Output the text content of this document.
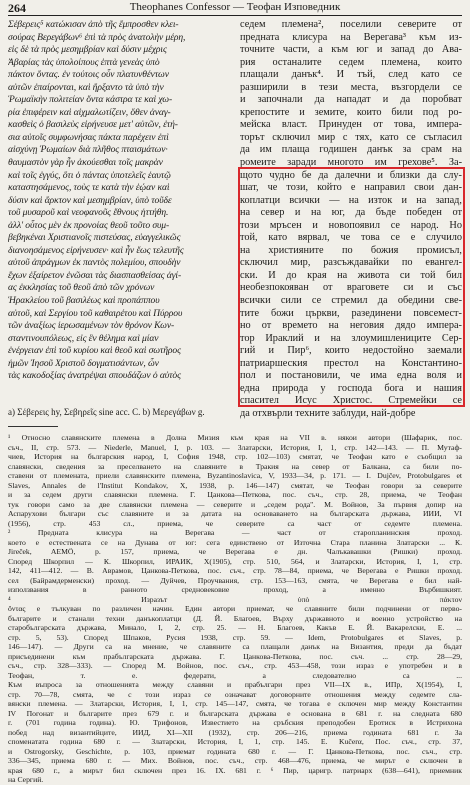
264	Theophanes Confessor — Теофан Изповедник
Σέβερεις⁵ κατώκισαν ἀπὸ τῆς ἔμπροσθεν κλει-
σούρας Βερεγάβων⁶ ἐπὶ τὰ πρὸς ἀνατολὴν μέρη,
εἰς δὲ τὰ πρὸς μεσημβρίαν καὶ δύσιν μέχρις
Ἀβαρίας τὰς ὑπολοίπους ἑπτὰ γενεὰς ὑπὸ
πάκτον ὄντας. ἐν τούτοις οὖν πλατυνθέντων
αὐτῶν ἐπαίρονται, καὶ ἤρξαντο τὰ ὑπὸ τὴν
Ῥωμαϊκὴν πολιτείαν ὄντα κάστρα τε καὶ χω-
ρία ἐπιφέρειν καὶ αἰχμαλωτίζειν, ὅθεν ἀναγ-
κασθεὶς ὁ βασιλεὺς εἰρήνευσε μετ' αὐτῶν, ἐτή-
σια αὐτοῖς συμφωνήσας πάκτα παρέχειν ἐπὶ
αἰσχύνῃ Ῥωμαίων διὰ πλῆθος πταισμάτων·
θαυμαστὸν γὰρ ἦν ἀκούεσθαι τοῖς μακρὰν
καὶ τοῖς ἐγγύς, ὅτι ὁ πάντας ὑποτελεῖς ἑαυτῷ
καταστησάμενος, τοὺς τε κατὰ τὴν ἑῴαν καὶ
δύσιν καὶ ἄρκτον καὶ μεσημβρίαν, ὑπὸ τοῦδε
τοῦ μυσαροῦ καὶ νεοφανοῦς ἔθνους ἡττήθη.
ἀλλ' οὗτος μὲν ἐκ προνοίας θεοῦ τοῦτο συμ-
βεβηκέναι Χριστιανοῖς πιστεύσας, εὐαγγελικῶς
διανοησάμενος εἰρήνευσεν· καὶ ἦν ἕως τελευτῆς
αὐτοῦ ἀπράγμων ἐκ παντὸς πολεμίου, σπουδὴν
ἔχων ἐξαίρετον ἐνῶσαι τὰς διασπασθείσας ἁγί-
ας ἐκκλησίας τοῦ θεοῦ ἀπὸ τῶν χρόνων
Ἡρακλείου τοῦ βασιλέως καὶ προπάππου
αὐτοῦ, καὶ Σεργίου τοῦ καθαιρέτου καὶ Πύρρου
τῶν ἀναξίως ἱερωσαμένων τὸν θρόνον Κων-
σταντινουπόλεως, εἰς ἓν θέλημα καὶ μίαν
ἐνέργειαν ἐπὶ τοῦ κυρίου καὶ θεοῦ καὶ σωτῆρος
ἡμῶν Ἰησοῦ Χριστοῦ δογματισάντων, ὧν
τὰς κακοδοξίας ἀνατρέψαι σπουδάζων ὁ αὐτὸς
седем племена², поселили северите от
предната клисура на Верегава³ към из-
точните части, а към юг и запад до Ава-
рия останалите седем племена, които
плащали данък⁴. И тъй, след като се
разширили в тези места, възгордели се
и започнали да нападат и да поробват
крепостите и земите, които били под ро-
мейска власт. Принуден от това, импера-
торът сключил мир с тях, като се съгласил
да им плаща годишен данък за срам на
ромеите заради многото им грехове⁵. За-
щото чудно бе да далечни и близки да слу-
шат, че този, който е направил свои дан-
коплатци всички — на изток и на запад,
на север и на юг, да бъде победен от
този мръсен и новопоявил се народ. Но
той, като вярвал, че това се е случило
на християните по божия промисъл,
сключил мир, разсъждавайки по евангел-
ски. И до края на живота си той бил
необезпокояван от враговете си и със
всички сили се стремил да обедини све-
тите божи църкви, разединени повсемест-
но от времето на неговия дядо импера-
тор Ираклий и на злоумишлениците Сер-
гий и Пир⁶, които недостойно заемали
патриаршеския престол на Константино-
пол и постановили, че има една воля и
една природа у господа бога и нашия
спасител Исус Христос. Стремейки се
да отхвърли техните заблуди, най-добре
а) Σέβερεις hy, Σεβηρεῖς sine acc. C. b) Μερεγάβων g.
¹ Относно славянските племена в Долна Мизия към края на VII в. някои автори (Шафарик, пос.
съч., II, стр. 573. — Niederle, Manuel, I, p. 103. — Златарски, История, I, 1, стр. 142—143. — П. Мутаф-
чиев, История на българския народ, I, София 1948, стр. 102—103) смятат, че Теофан като е съобщил за
славянски, сведения за преселването на славяните в Тракия на север от Балкана, са били по-
ставени от племената, приели славянските племена, Byzantinoslavica, V, 1933—34, p. 171. — I. Dujčev, Protobulgares et
Slaves, Annales de l'Institut Kondakov, X, 1938, p. 146—147) смятат, че Теофан говори за северите
и за седем други славянски племена. Г. Цанкова—Петкова, пос. съч., стр. 28, приема, че Теофан
тук говори само за две славянски племена — северите и „седем рода". М. Войнов, За първия допир на
Аспарухови българи със славяните и за датата на основаването на българската държава, ИИИ, VI
(1956), стр. 453 сл., приема, че северите са част от седемте племена.
² Предната клисура на Верегава — част от старопланинския проход.
което е естествената се на Дунава от юг: сега единствено от Източна Стара планина Златарски ... К.
Jireček, AEMÖ, p. 157, приема, че Верегава е дн. Чалъкавашки (Ришки) проход.
Според Шкорпил — К. Шкорпил, ИРАИК, X(1905), стр. 510, 564, и Златарски, История, I, 1, стр.
142, 411—412. — В. Аврамов, Цанкова-Петкова, пос. съч., стр. 78—84, приема, че Верегава е Ришки проход.
сел (Байрамдерменски) проход. — Дуйчев, Проучвания, стр. 153—163, смята, че Верегава е бил най-
използвания в ранното средновековие проход, а именно Върбишкият.
⁴ Изразът ὑπὸ πάκτον
ὄντας е тълкуван по различен начин. Един автори приемат, че славяните били подчинени от перво-
българите и станали техни данъкоплатци (Д. Й. Благоев, Върху държавното и военно устройство на
старобългарската държава, Минало, I, 2, стр. 25. — Н. Благоев, Какъв Е. Й. Вакарелски, Е. ...
стр. 5, 53). Според Шпаков, Русия 1938, стр. 59. — Idem, Protobulgares et Slaves, p.
146—147). — Други са на мнение, че славяните са плащали данък на Византия, преди да бъдат
присъединени към прабългарската държава. Г. Цанкова-Петкова, пос. съч. ... стр. 28—29,
съч., стр. 328—333). — Според М. Войнов, пос. съч., стр. 453—458, този израз е употребен и в
Теофан, т. е. федерати, а следователно са ...
Към въпроса за отношенията между славяни и прабългари през VII—IX в., ИПр, X(1954), I,
стр. 70—78, смята, че с този израз се означават договорните отношения между седемте сла-
вянски племена. — Златарски, История, I, 1, стр. 145—147, смята, че тогава е сключен мир между Константин
IV Погонат и българите през 679 г. и българската държава е основана в 681 г. на следната 680
г. (701 година година). Ю. Трифонов, Известието на сръбския преподобен Еротиск в Истрихона
побед над византийците, ИИД, XI—XII (1932), стр. 206—216, приема годината 681 г. За
споменатата година 680 г. — Златарски, История, I, 1, стр. 145. Ε. Kučerα, Пос. съч., стр. 37,
и Ostrogorsky, Geschichte, p. 103, приемат годината 680 г. — Г. Цанкова-Петкова, пос. съч., стр.
336—345, приема 680 г. — Мих. Войнов, пос. съч., стр. 468—476, приема, че мирът е сключен в
края 680 г., а мирът бил сключен през 16. IX. 681 г. ⁶ Пир, царигр. патриарх (638—641), приемник
на Сергий.
